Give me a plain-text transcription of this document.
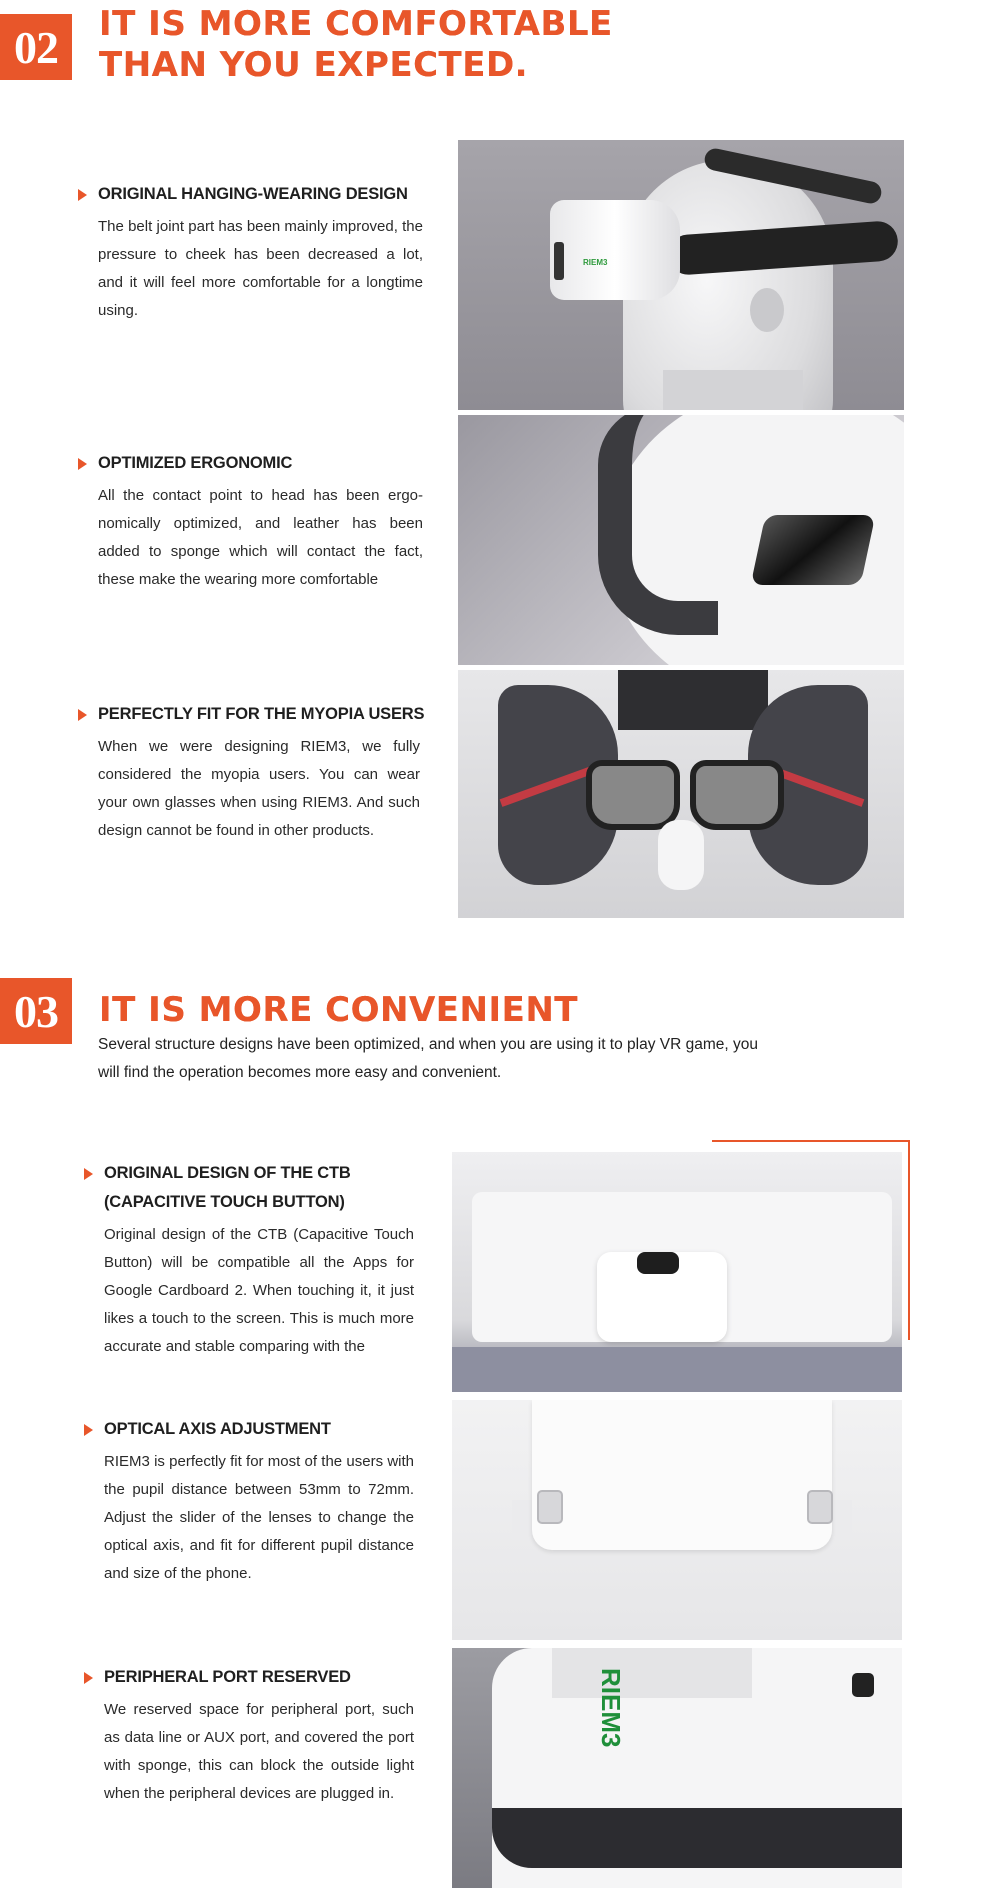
02 IT IS MORE COMFORTABLE
THAN YOU EXPECTED.
ORIGINAL HANGING-WEARING DESIGN
The belt joint part has been mainly improved, the pressure to cheek has been decreased a lot, and it will feel more comfortable for a longtime using.
RIEM3
OPTIMIZED ERGONOMIC
All the contact point to head has been ergo-nomically optimized, and leather has been added to sponge which will contact the fact, these make the wearing more comfortable
PERFECTLY FIT FOR THE MYOPIA USERS
When we were designing RIEM3, we fully considered the myopia users. You can wear your own glasses when using RIEM3. And such design cannot be found in other products.
03 IT IS MORE CONVENIENT
Several structure designs have been optimized, and when you are using it to play VR game, you will find the operation becomes more easy and convenient.
ORIGINAL DESIGN OF THE CTB
(CAPACITIVE TOUCH BUTTON)
Original design of the CTB (Capacitive Touch Button) will be compatible all the Apps for Google Cardboard 2. When touching it, it just likes a touch to the screen. This is much more accurate and stable comparing with the
OPTICAL AXIS ADJUSTMENT
RIEM3 is perfectly fit for most of the users with the pupil distance between 53mm to 72mm. Adjust the slider of the lenses to change the optical axis, and fit for different pupil distance and size of the phone.
PERIPHERAL PORT RESERVED
We reserved space for peripheral port, such as data line or AUX port, and covered the port with sponge, this can block the outside light when the peripheral devices are plugged in.
RIEM3
